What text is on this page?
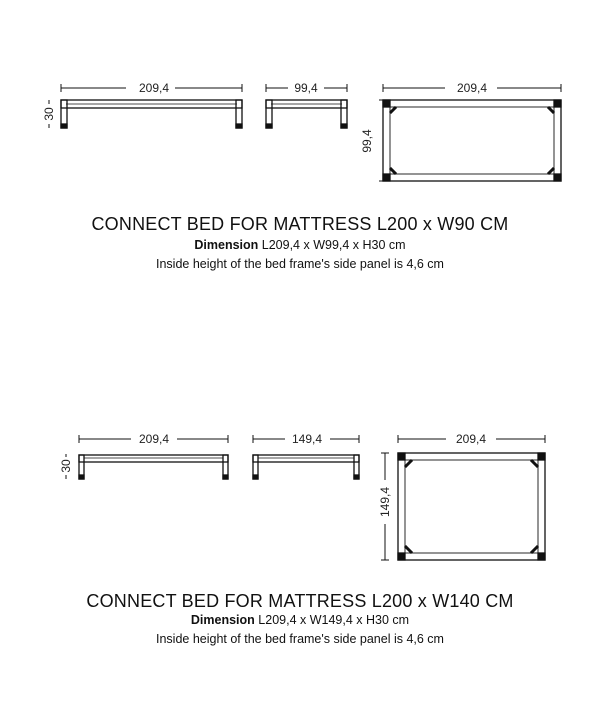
209,4
30
99,4	209,4
99,4
209,4
30
149,4	209,4
149,4
CONNECT BED FOR MATTRESS L200 x W90 CM
Dimension L209,4 x W99,4 x H30 cm
Inside height of the bed frame's side panel is 4,6 cm
CONNECT BED FOR MATTRESS L200 x W140 CM
Dimension L209,4 x W149,4 x H30 cm
Inside height of the bed frame's side panel is 4,6 cm
